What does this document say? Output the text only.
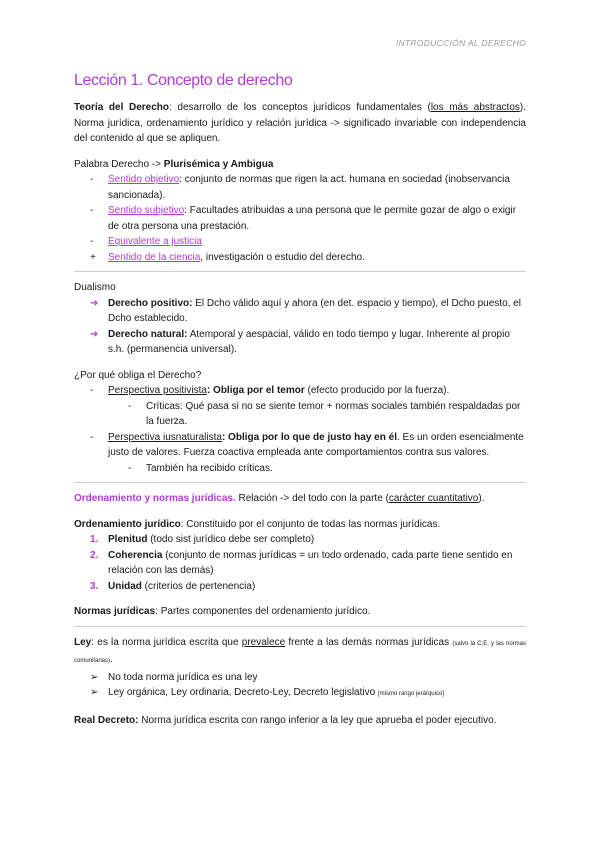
INTRODUCCIÓN AL DERECHO
Lección 1. Concepto de derecho

Teoría del Derecho: desarrollo de los conceptos jurídicos fundamentales (los más abstractos). Norma jurídica, ordenamiento jurídico y relación jurídica -> significado invariable con independencia del contenido al que se apliquen.

Palabra Derecho -> Plurisémica y Ambigua

- Sentido objetivo: conjunto de normas que rigen la act. humana en sociedad (inobservancia sancionada).
- Sentido subjetivo: Facultades atribuidas a una persona que le permite gozar de algo o exigir de otra persona una prestación.
- Equivalente a justicia
+ Sentido de la ciencia, investigación o estudio del derecho.

Dualismo

➜ Derecho positivo: El Dcho válido aquí y ahora (en det. espacio y tiempo), el Dcho puesto, el Dcho establecido.
➜ Derecho natural: Atemporal y aespacial, válido en todo tiempo y lugar. Inherente al propio s.h. (permanencia universal).

¿Por qué obliga el Derecho?

- Perspectiva positivista: Obliga por el temor (efecto producido por la fuerza).
- Críticas: Qué pasa si no se siente temor + normas sociales también respaldadas por la fuerza.
- Perspectiva iusnaturalista: Obliga por lo que de justo hay en él. Es un orden esencialmente justo de valores. Fuerza coactiva empleada ante comportamientos contra sus valores.
- También ha recibido críticas.

Ordenamiento y normas jurídicas. Relación -> del todo con la parte (carácter cuantitativo).

Ordenamiento jurídico: Constituido por el conjunto de todas las normas jurídicas.

1. Plenitud (todo sist jurídico debe ser completo)
2. Coherencia (conjunto de normas jurídicas = un todo ordenado, cada parte tiene sentido en relación con las demás)
3. Unidad (criterios de pertenencia)

Normas jurídicas: Partes componentes del ordenamiento jurídico.

Ley: es la norma jurídica escrita que prevalece frente a las demás normas jurídicas (salvo la C.E. y las normas comunitarias).

➢ No toda norma jurídica es una ley
➢ Ley orgánica, Ley ordinaria, Decreto-Ley, Decreto legislativo [mismo rango jerárquico]

Real Decreto: Norma jurídica escrita con rango inferior a la ley que aprueba el poder ejecutivo.
